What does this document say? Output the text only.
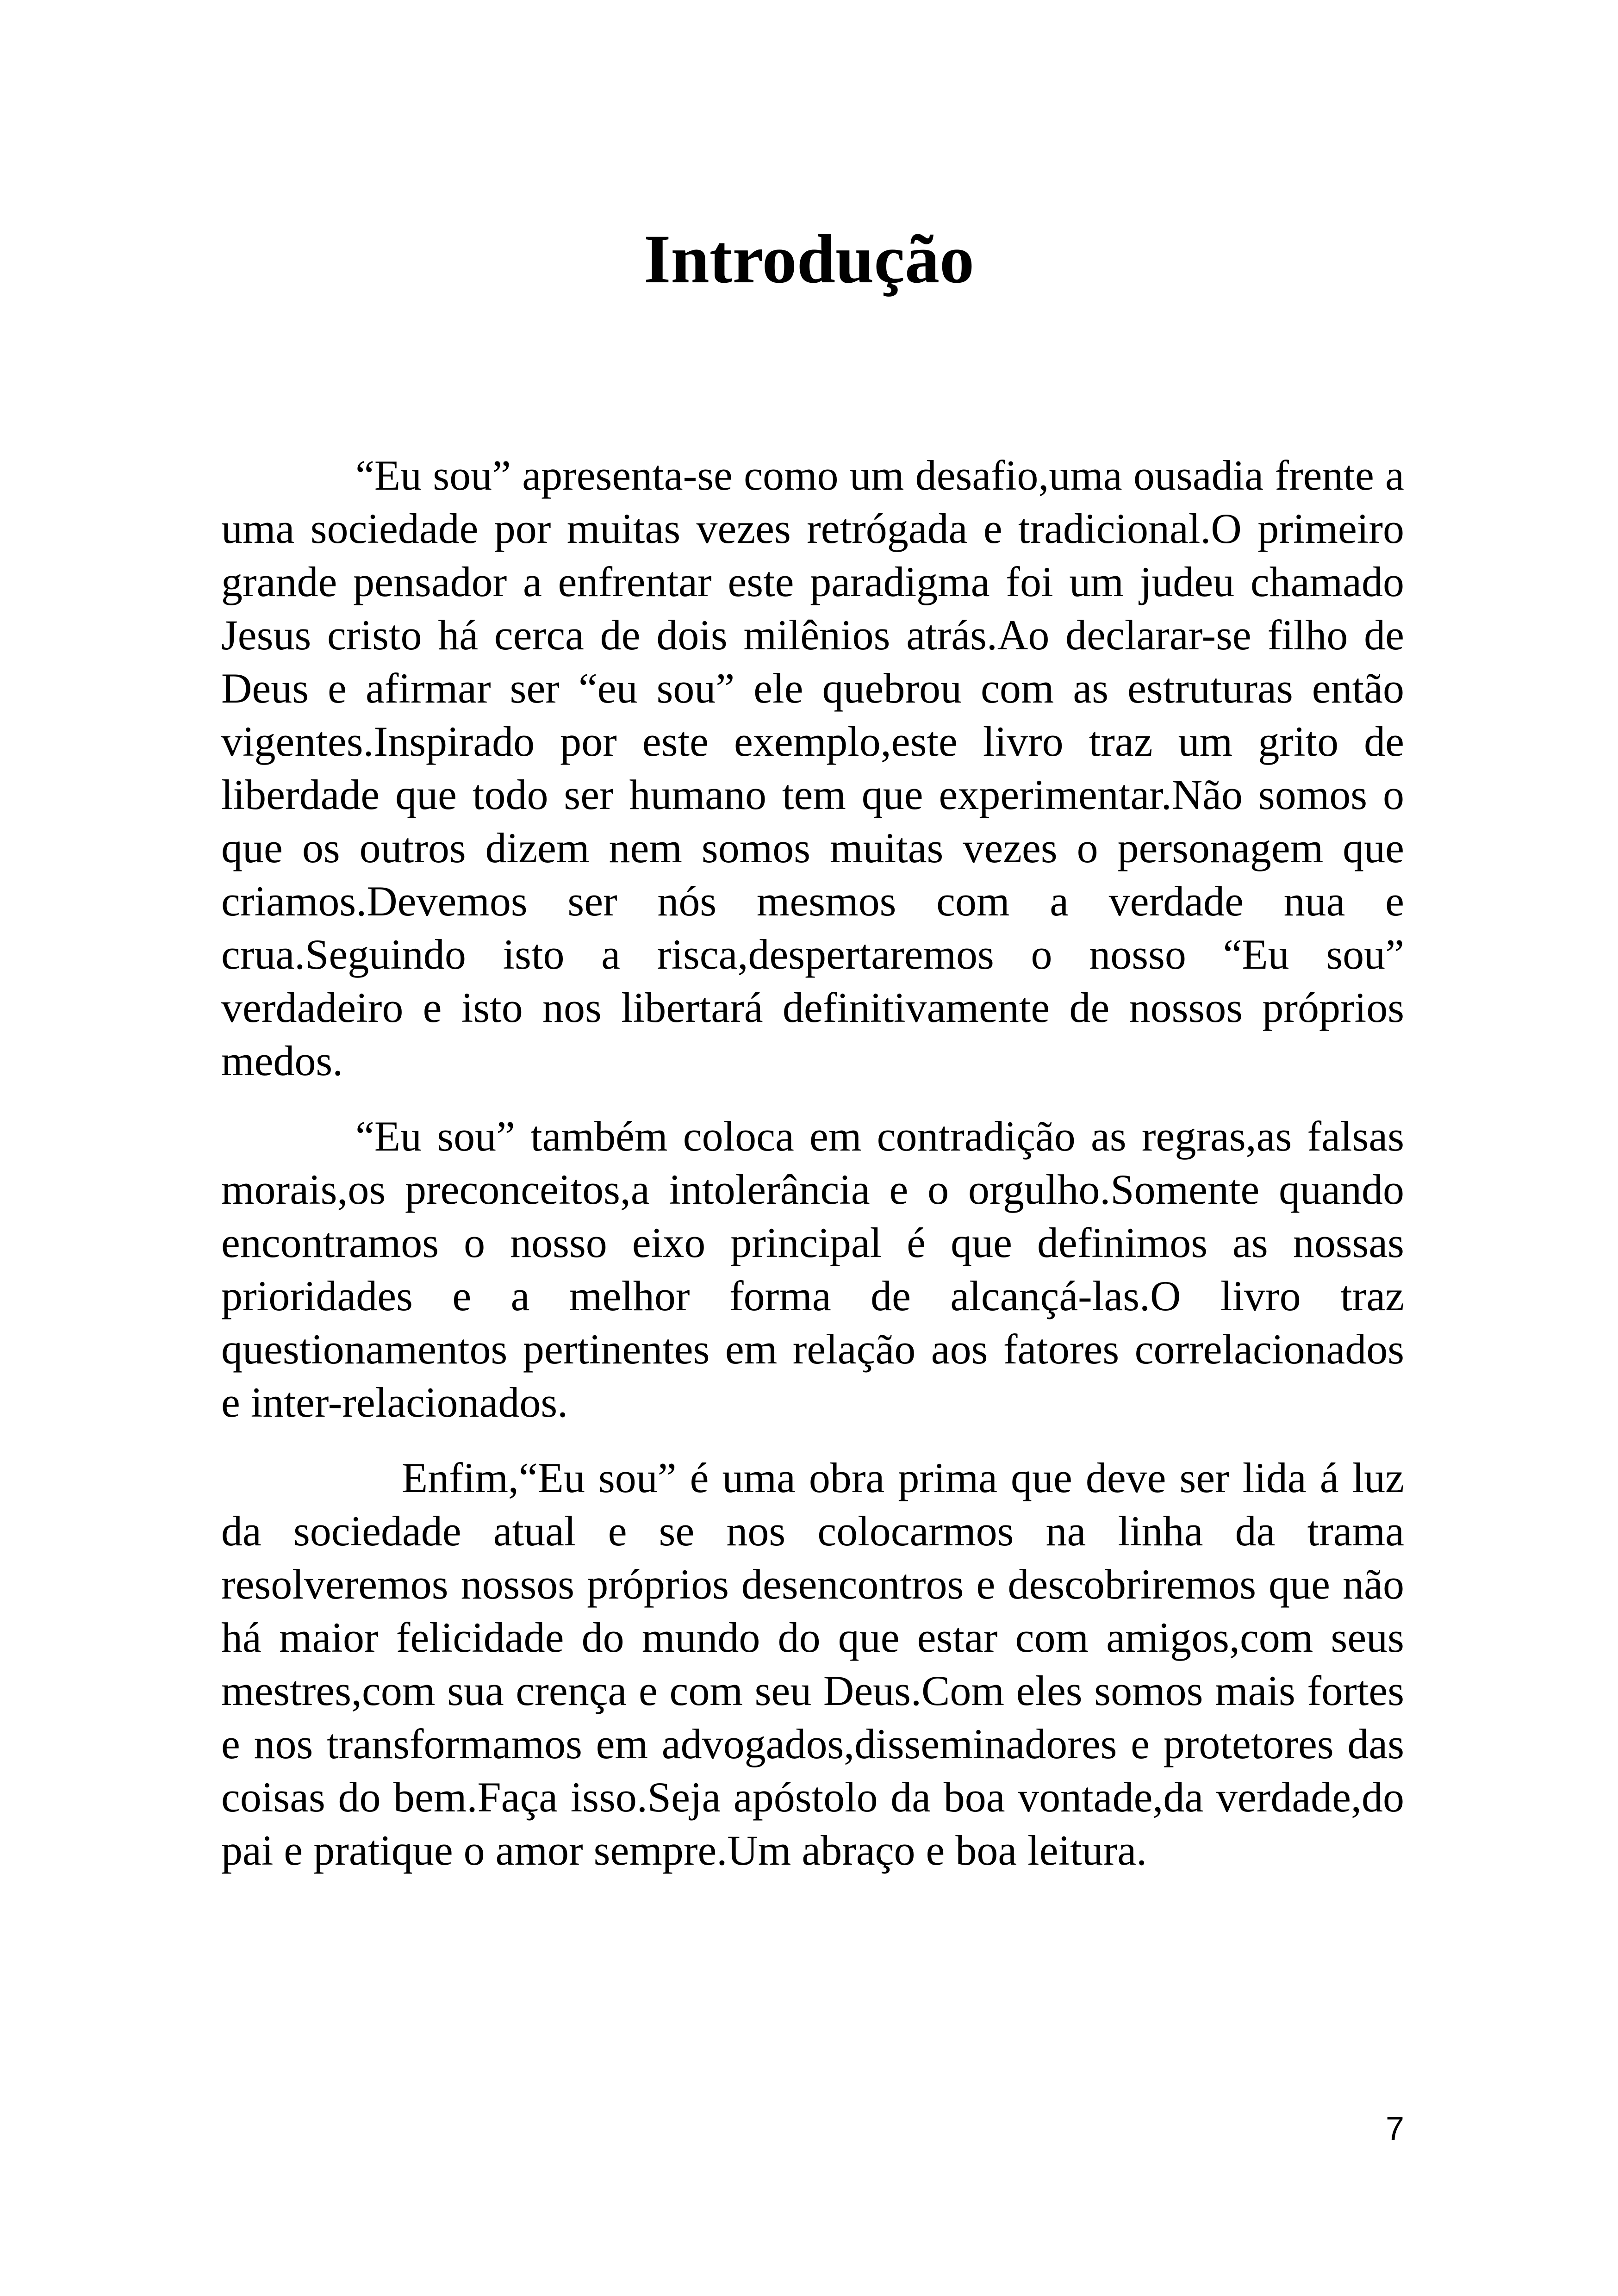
Introdução

“Eu sou” apresenta-se como um desafio,uma ousadia frente a uma sociedade por muitas vezes retrógada e tradicional.O primeiro grande pensador a enfrentar este paradigma foi um judeu chamado Jesus cristo há cerca de dois milênios atrás.Ao declarar-se filho de Deus e afirmar ser “eu sou” ele quebrou com as estruturas então vigentes.Inspirado por este exemplo,este livro traz um grito de liberdade que todo ser humano tem que experimentar.Não somos o que os outros dizem nem somos muitas vezes o personagem que criamos.Devemos ser nós mesmos com a verdade nua e crua.Seguindo isto a risca,despertaremos o nosso “Eu sou” verdadeiro e isto nos libertará definitivamente de nossos próprios medos.

“Eu sou” também coloca em contradição as regras,as falsas morais,os preconceitos,a intolerância e o orgulho.Somente quando encontramos o nosso eixo principal é que definimos as nossas prioridades e a melhor forma de alcançá-las.O livro traz questionamentos pertinentes em relação aos fatores correlacionados e inter-relacionados.

Enfim,“Eu sou” é uma obra prima que deve ser lida á luz da sociedade atual e se nos colocarmos na linha da trama resolveremos nossos próprios desencontros e descobriremos que não há maior felicidade do mundo do que estar com amigos,com seus mestres,com sua crença e com seu Deus.Com eles somos mais fortes e nos transformamos em advogados,disseminadores e protetores das coisas do bem.Faça isso.Seja apóstolo da boa vontade,da verdade,do pai e pratique o amor sempre.Um abraço e boa leitura.

7
